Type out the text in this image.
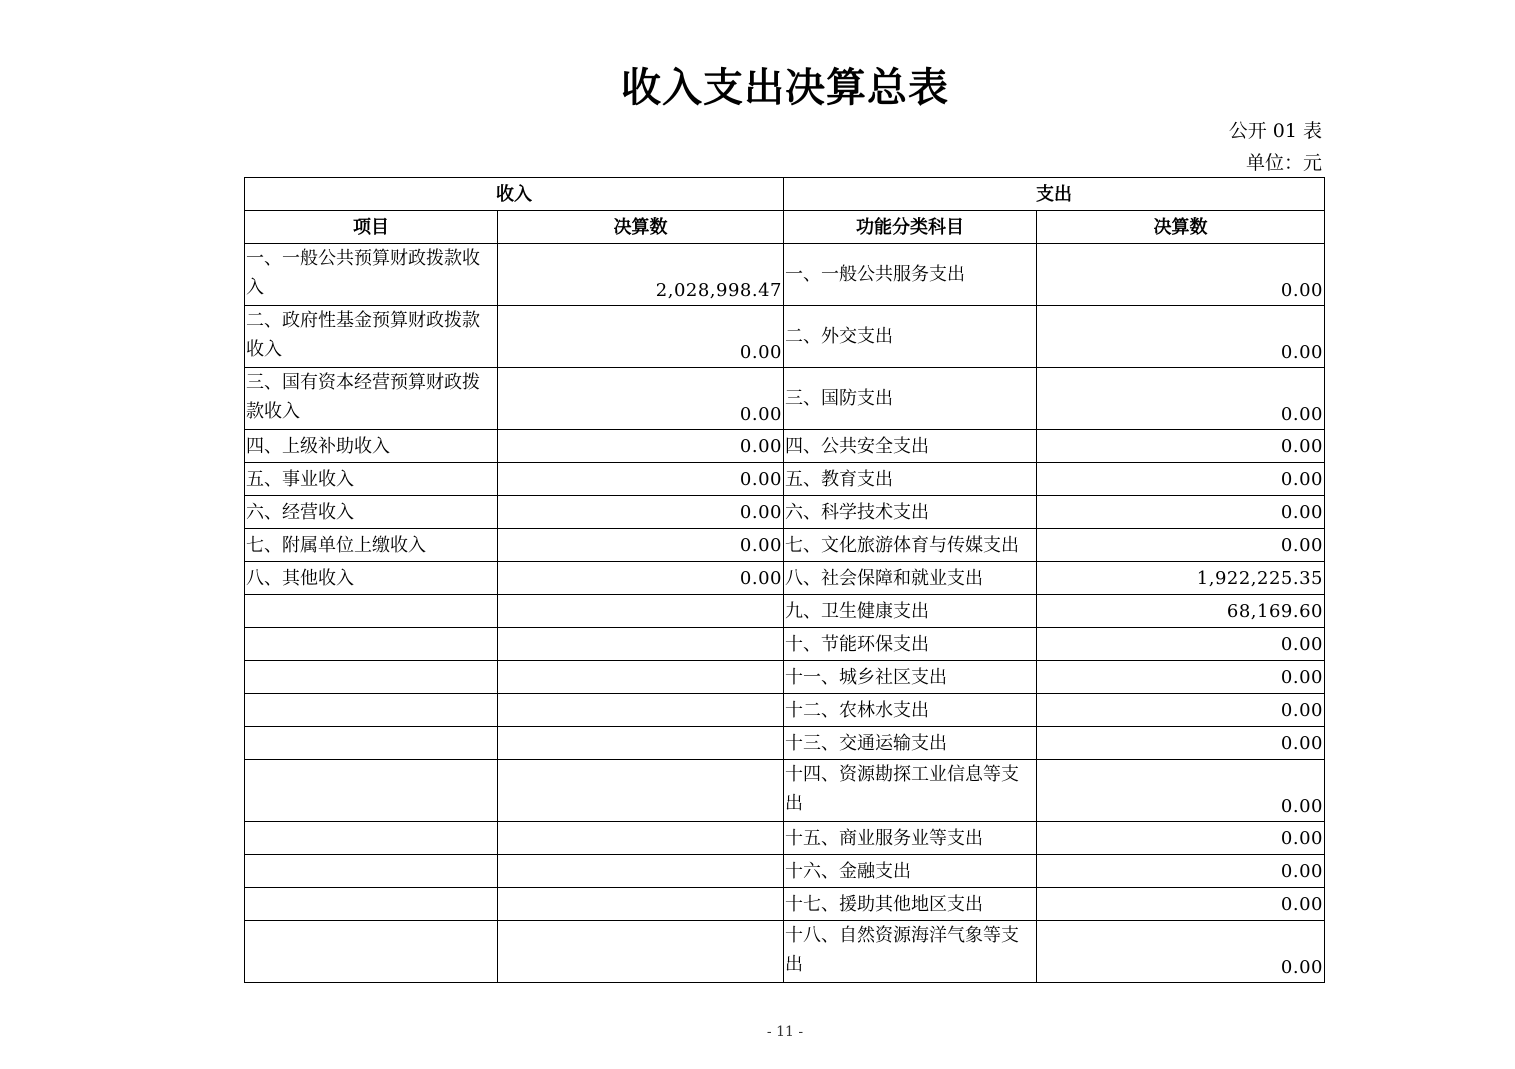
收入支出决算总表
公开 01 表
单位：元
收入		支出	
项目	决算数	功能分类科目	决算数
一、一般公共预算财政拨款收入	2,028,998.47	一、一般公共服务支出	0.00
二、政府性基金预算财政拨款收入	0.00	二、外交支出	0.00
三、国有资本经营预算财政拨款收入	0.00	三、国防支出	0.00
四、上级补助收入	0.00	四、公共安全支出	0.00
五、事业收入	0.00	五、教育支出	0.00
六、经营收入	0.00	六、科学技术支出	0.00
七、附属单位上缴收入	0.00	七、文化旅游体育与传媒支出	0.00
八、其他收入	0.00	八、社会保障和就业支出	1,922,225.35
		九、卫生健康支出	68,169.60
		十、节能环保支出	0.00
		十一、城乡社区支出	0.00
		十二、农林水支出	0.00
		十三、交通运输支出	0.00
		十四、资源勘探工业信息等支出	0.00
		十五、商业服务业等支出	0.00
		十六、金融支出	0.00
		十七、援助其他地区支出	0.00
		十八、自然资源海洋气象等支出	0.00
- 11 -
